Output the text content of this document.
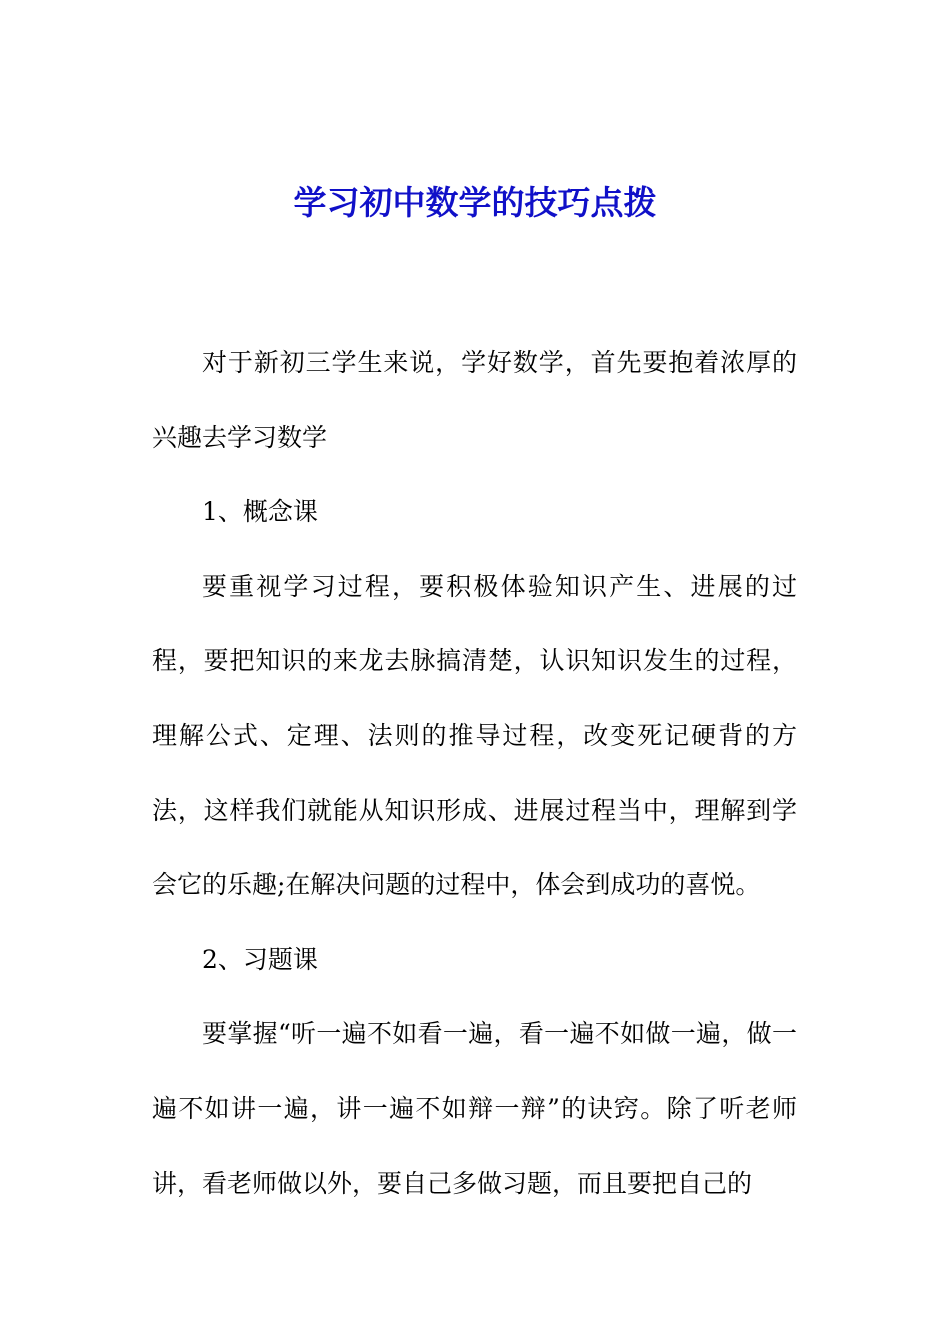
学习初中数学的技巧点拨

对于新初三学生来说，学好数学，首先要抱着浓厚的兴趣去学习数学

1、概念课

要重视学习过程，要积极体验知识产生、进展的过程，要把知识的来龙去脉搞清楚，认识知识发生的过程，理解公式、定理、法则的推导过程，改变死记硬背的方法，这样我们就能从知识形成、进展过程当中，理解到学会它的乐趣;在解决问题的过程中，体会到成功的喜悦。

2、习题课

要掌握“听一遍不如看一遍，看一遍不如做一遍，做一遍不如讲一遍，讲一遍不如辩一辩”的诀窍。除了听老师讲，看老师做以外，要自己多做习题，而且要把自己的
